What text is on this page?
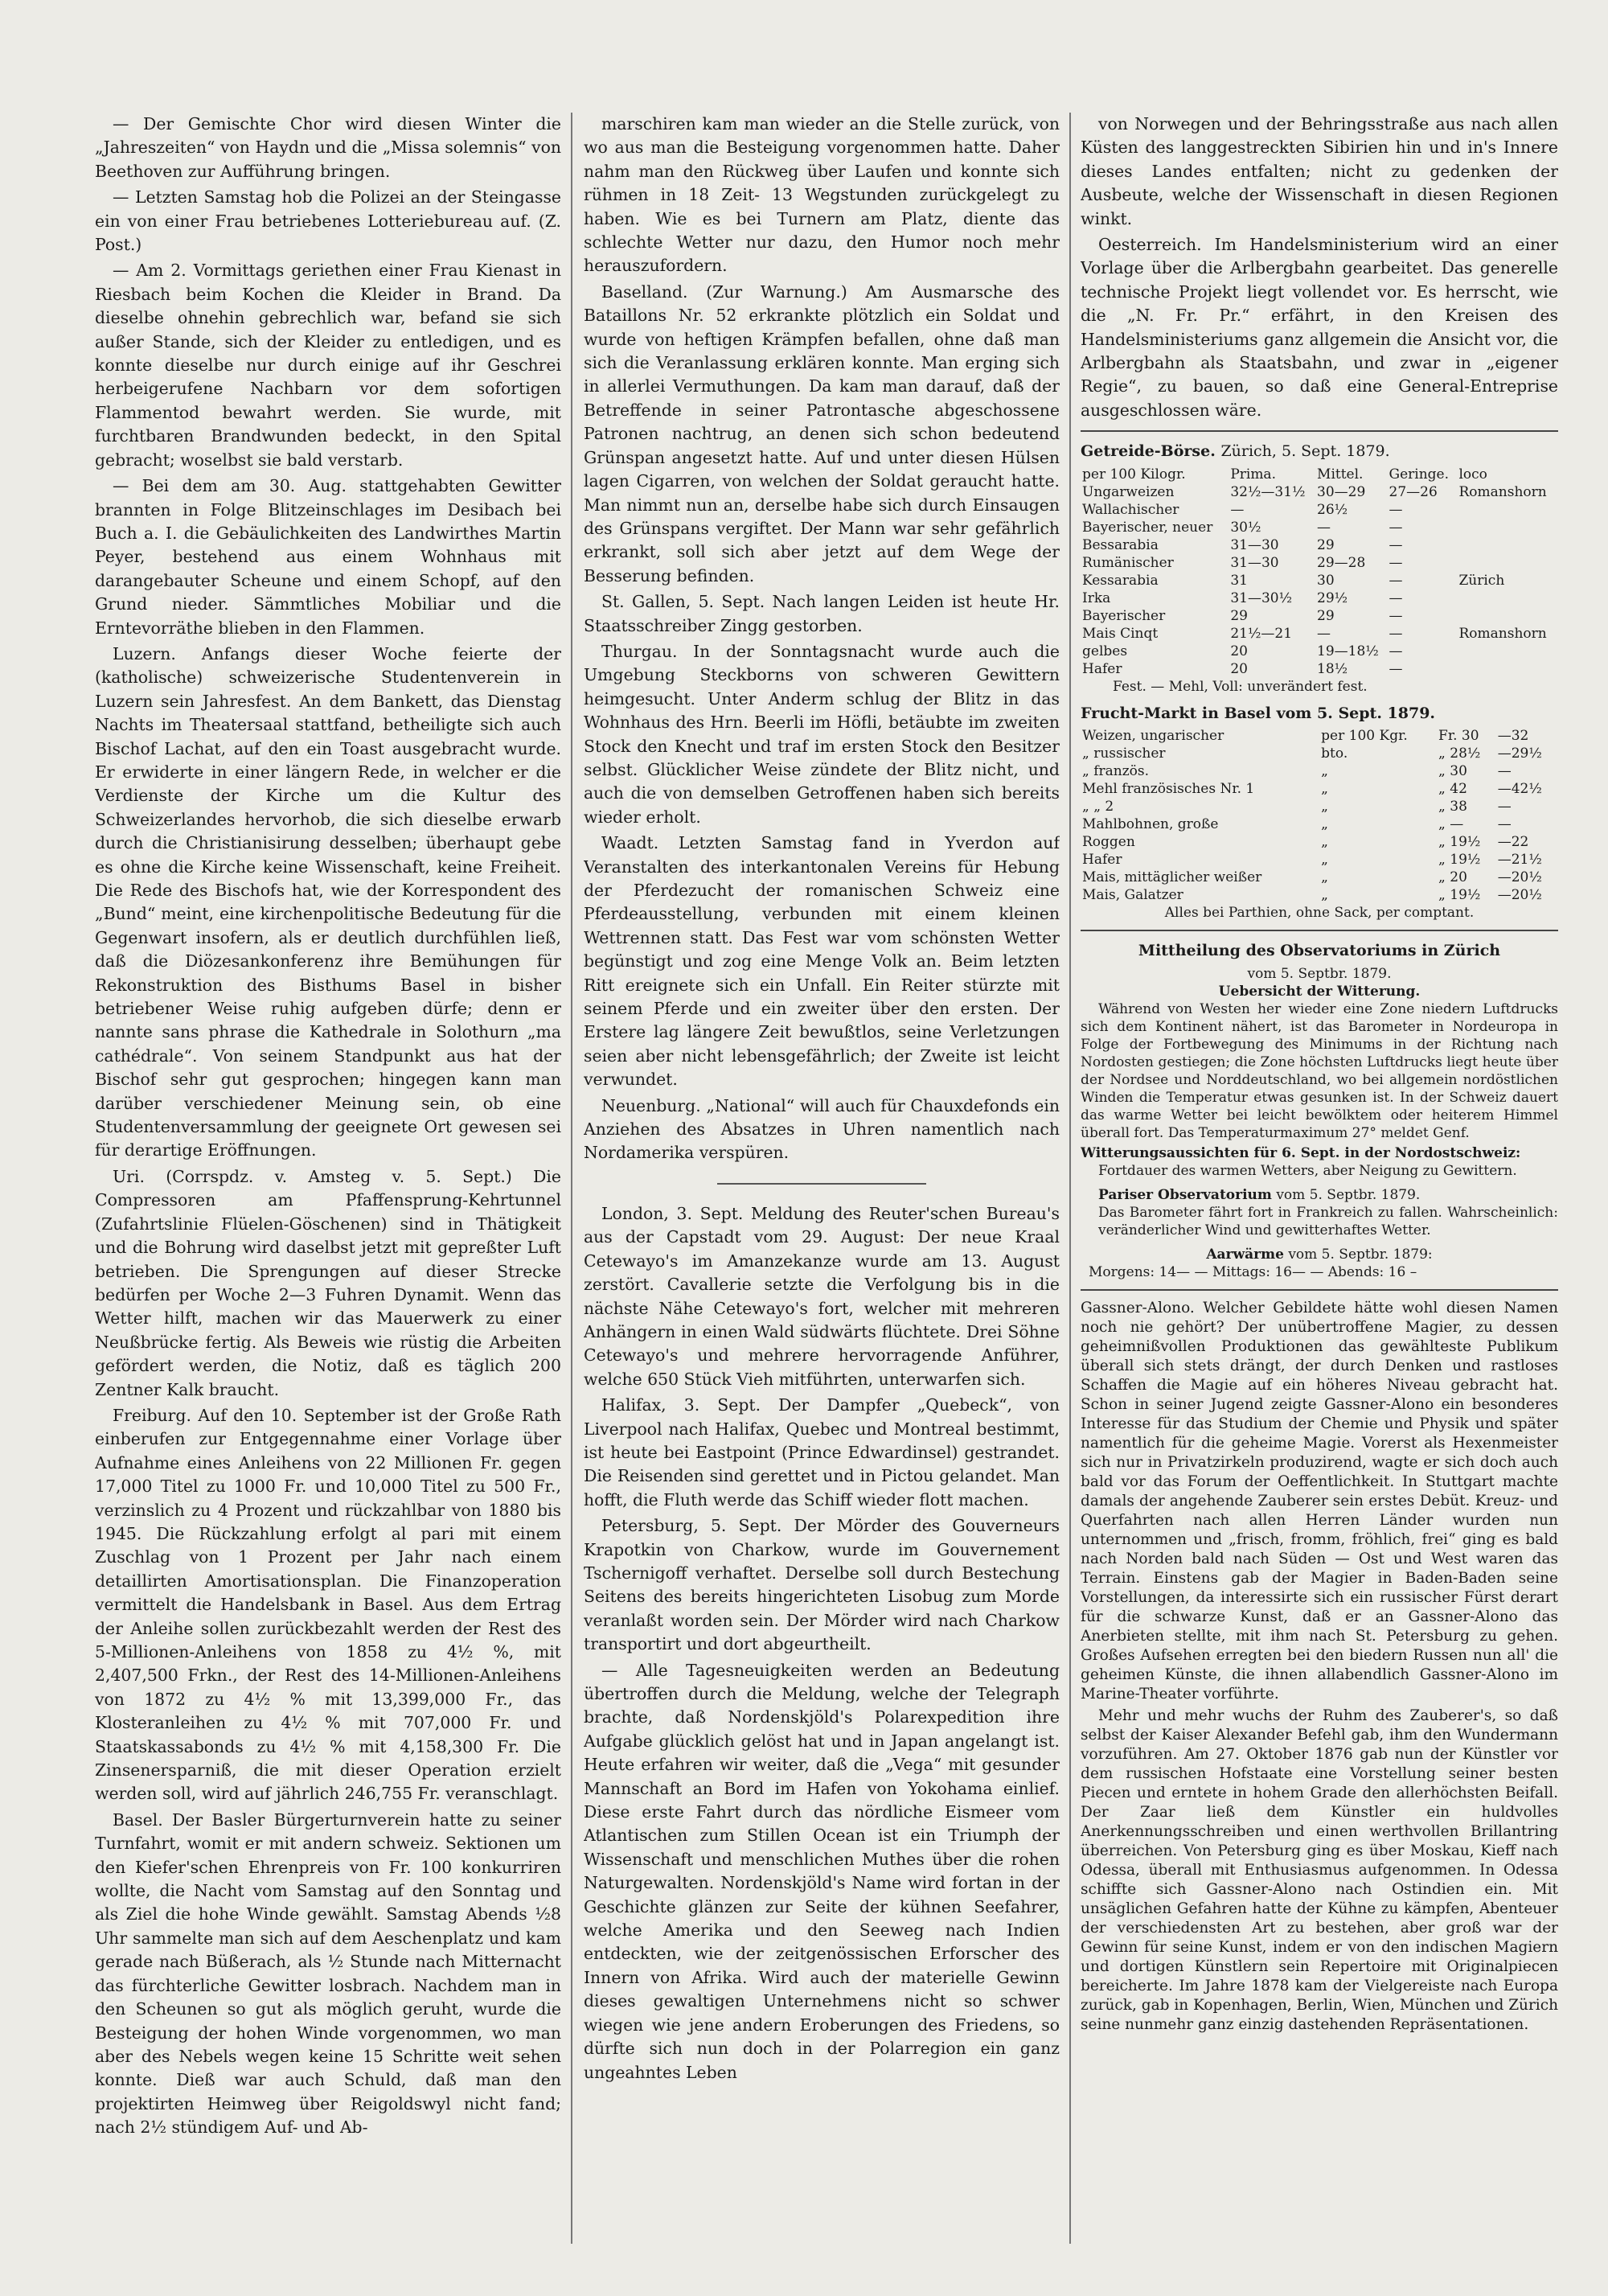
— Der Gemischte Chor wird diesen Winter die „Jahreszeiten“ von Haydn und die „Missa solemnis“ von Beethoven zur Aufführung bringen.

— Letzten Samstag hob die Polizei an der Steingasse ein von einer Frau betriebenes Lotteriebureau auf. (Z. Post.)

— Am 2. Vormittags geriethen einer Frau Kienast in Riesbach beim Kochen die Kleider in Brand. Da dieselbe ohnehin gebrechlich war, befand sie sich außer Stande, sich der Kleider zu entledigen, und es konnte dieselbe nur durch einige auf ihr Geschrei herbeigerufene Nachbarn vor dem sofortigen Flammentod bewahrt werden. Sie wurde, mit furchtbaren Brandwunden bedeckt, in den Spital gebracht; woselbst sie bald verstarb.

— Bei dem am 30. Aug. stattgehabten Gewitter brannten in Folge Blitzeinschlages im Desibach bei Buch a. I. die Gebäulichkeiten des Landwirthes Martin Peyer, bestehend aus einem Wohnhaus mit darangebauter Scheune und einem Schopf, auf den Grund nieder. Sämmtliches Mobiliar und die Erntevorräthe blieben in den Flammen.

Luzern. Anfangs dieser Woche feierte der (katholische) schweizerische Studentenverein in Luzern sein Jahresfest. An dem Bankett, das Dienstag Nachts im Theatersaal stattfand, betheiligte sich auch Bischof Lachat, auf den ein Toast ausgebracht wurde. Er erwiderte in einer längern Rede, in welcher er die Verdienste der Kirche um die Kultur des Schweizerlandes hervorhob, die sich dieselbe erwarb durch die Christianisirung desselben; überhaupt gebe es ohne die Kirche keine Wissenschaft, keine Freiheit. Die Rede des Bischofs hat, wie der Korrespondent des „Bund“ meint, eine kirchenpolitische Bedeutung für die Gegenwart insofern, als er deutlich durchfühlen ließ, daß die Diözesankonferenz ihre Bemühungen für Rekonstruktion des Bisthums Basel in bisher betriebener Weise ruhig aufgeben dürfe; denn er nannte sans phrase die Kathedrale in Solothurn „ma cathédrale“. Von seinem Standpunkt aus hat der Bischof sehr gut gesprochen; hingegen kann man darüber verschiedener Meinung sein, ob eine Studentenversammlung der geeignete Ort gewesen sei für derartige Eröffnungen.

Uri. (Corrspdz. v. Amsteg v. 5. Sept.) Die Compressoren am Pfaffensprung-Kehrtunnel (Zufahrtslinie Flüelen-Göschenen) sind in Thätigkeit und die Bohrung wird daselbst jetzt mit gepreßter Luft betrieben. Die Sprengungen auf dieser Strecke bedürfen per Woche 2—3 Fuhren Dynamit. Wenn das Wetter hilft, machen wir das Mauerwerk zu einer Neußbrücke fertig. Als Beweis wie rüstig die Arbeiten gefördert werden, die Notiz, daß es täglich 200 Zentner Kalk braucht.

Freiburg. Auf den 10. September ist der Große Rath einberufen zur Entgegennahme einer Vorlage über Aufnahme eines Anleihens von 22 Millionen Fr. gegen 17,000 Titel zu 1000 Fr. und 10,000 Titel zu 500 Fr., verzinslich zu 4 Prozent und rückzahlbar von 1880 bis 1945. Die Rückzahlung erfolgt al pari mit einem Zuschlag von 1 Prozent per Jahr nach einem detaillirten Amortisationsplan. Die Finanzoperation vermittelt die Handelsbank in Basel. Aus dem Ertrag der Anleihe sollen zurückbezahlt werden der Rest des 5-Millionen-Anleihens von 1858 zu 4½ %, mit 2,407,500 Frkn., der Rest des 14-Millionen-Anleihens von 1872 zu 4½ % mit 13,399,000 Fr., das Klosteranleihen zu 4½ % mit 707,000 Fr. und Staatskassabonds zu 4½ % mit 4,158,300 Fr. Die Zinsenersparniß, die mit dieser Operation erzielt werden soll, wird auf jährlich 246,755 Fr. veranschlagt.

Basel. Der Basler Bürgerturnverein hatte zu seiner Turnfahrt, womit er mit andern schweiz. Sektionen um den Kiefer'schen Ehrenpreis von Fr. 100 konkurriren wollte, die Nacht vom Samstag auf den Sonntag und als Ziel die hohe Winde gewählt. Samstag Abends ½8 Uhr sammelte man sich auf dem Aeschenplatz und kam gerade nach Büßerach, als ½ Stunde nach Mitternacht das fürchterliche Gewitter losbrach. Nachdem man in den Scheunen so gut als möglich geruht, wurde die Besteigung der hohen Winde vorgenommen, wo man aber des Nebels wegen keine 15 Schritte weit sehen konnte. Dieß war auch Schuld, daß man den projektirten Heimweg über Reigoldswyl nicht fand; nach 2½ stündigem Auf- und Ab-

marschiren kam man wieder an die Stelle zurück, von wo aus man die Besteigung vorgenommen hatte. Daher nahm man den Rückweg über Laufen und konnte sich rühmen in 18 Zeit- 13 Wegstunden zurückgelegt zu haben. Wie es bei Turnern am Platz, diente das schlechte Wetter nur dazu, den Humor noch mehr herauszufordern.

Baselland. (Zur Warnung.) Am Ausmarsche des Bataillons Nr. 52 erkrankte plötzlich ein Soldat und wurde von heftigen Krämpfen befallen, ohne daß man sich die Veranlassung erklären konnte. Man erging sich in allerlei Vermuthungen. Da kam man darauf, daß der Betreffende in seiner Patrontasche abgeschossene Patronen nachtrug, an denen sich schon bedeutend Grünspan angesetzt hatte. Auf und unter diesen Hülsen lagen Cigarren, von welchen der Soldat geraucht hatte. Man nimmt nun an, derselbe habe sich durch Einsaugen des Grünspans vergiftet. Der Mann war sehr gefährlich erkrankt, soll sich aber jetzt auf dem Wege der Besserung befinden.

St. Gallen, 5. Sept. Nach langen Leiden ist heute Hr. Staatsschreiber Zingg gestorben.

Thurgau. In der Sonntagsnacht wurde auch die Umgebung Steckborns von schweren Gewittern heimgesucht. Unter Anderm schlug der Blitz in das Wohnhaus des Hrn. Beerli im Höfli, betäubte im zweiten Stock den Knecht und traf im ersten Stock den Besitzer selbst. Glücklicher Weise zündete der Blitz nicht, und auch die von demselben Getroffenen haben sich bereits wieder erholt.

Waadt. Letzten Samstag fand in Yverdon auf Veranstalten des interkantonalen Vereins für Hebung der Pferdezucht der romanischen Schweiz eine Pferdeausstellung, verbunden mit einem kleinen Wettrennen statt. Das Fest war vom schönsten Wetter begünstigt und zog eine Menge Volk an. Beim letzten Ritt ereignete sich ein Unfall. Ein Reiter stürzte mit seinem Pferde und ein zweiter über den ersten. Der Erstere lag längere Zeit bewußtlos, seine Verletzungen seien aber nicht lebensgefährlich; der Zweite ist leicht verwundet.

Neuenburg. „National“ will auch für Chauxdefonds ein Anziehen des Absatzes in Uhren namentlich nach Nordamerika verspüren.

London, 3. Sept. Meldung des Reuter'schen Bureau's aus der Capstadt vom 29. August: Der neue Kraal Cetewayo's im Amanzekanze wurde am 13. August zerstört. Cavallerie setzte die Verfolgung bis in die nächste Nähe Cetewayo's fort, welcher mit mehreren Anhängern in einen Wald südwärts flüchtete. Drei Söhne Cetewayo's und mehrere hervorragende Anführer, welche 650 Stück Vieh mitführten, unterwarfen sich.

Halifax, 3. Sept. Der Dampfer „Quebeck“, von Liverpool nach Halifax, Quebec und Montreal bestimmt, ist heute bei Eastpoint (Prince Edwardinsel) gestrandet. Die Reisenden sind gerettet und in Pictou gelandet. Man hofft, die Fluth werde das Schiff wieder flott machen.

Petersburg, 5. Sept. Der Mörder des Gouverneurs Krapotkin von Charkow, wurde im Gouvernement Tschernigoff verhaftet. Derselbe soll durch Bestechung Seitens des bereits hingerichteten Lisobug zum Morde veranlaßt worden sein. Der Mörder wird nach Charkow transportirt und dort abgeurtheilt.

— Alle Tagesneuigkeiten werden an Bedeutung übertroffen durch die Meldung, welche der Telegraph brachte, daß Nordenskjöld's Polarexpedition ihre Aufgabe glücklich gelöst hat und in Japan angelangt ist. Heute erfahren wir weiter, daß die „Vega“ mit gesunder Mannschaft an Bord im Hafen von Yokohama einlief. Diese erste Fahrt durch das nördliche Eismeer vom Atlantischen zum Stillen Ocean ist ein Triumph der Wissenschaft und menschlichen Muthes über die rohen Naturgewalten. Nordenskjöld's Name wird fortan in der Geschichte glänzen zur Seite der kühnen Seefahrer, welche Amerika und den Seeweg nach Indien entdeckten, wie der zeitgenössischen Erforscher des Innern von Afrika. Wird auch der materielle Gewinn dieses gewaltigen Unternehmens nicht so schwer wiegen wie jene andern Eroberungen des Friedens, so dürfte sich nun doch in der Polarregion ein ganz ungeahntes Leben

von Norwegen und der Behringsstraße aus nach allen Küsten des langgestreckten Sibirien hin und in's Innere dieses Landes entfalten; nicht zu gedenken der Ausbeute, welche der Wissenschaft in diesen Regionen winkt.

Oesterreich. Im Handelsministerium wird an einer Vorlage über die Arlbergbahn gearbeitet. Das generelle technische Projekt liegt vollendet vor. Es herrscht, wie die „N. Fr. Pr.“ erfährt, in den Kreisen des Handelsministeriums ganz allgemein die Ansicht vor, die Arlbergbahn als Staatsbahn, und zwar in „eigener Regie“, zu bauen, so daß eine General-Entreprise ausgeschlossen wäre.

Getreide-Börse. Zürich, 5. Sept. 1879.
per 100 Kilogr.	Prima.	Mittel.	Geringe.	loco
Ungarweizen	32½—31½	30—29	27—26	Romanshorn
Wallachischer	—	26½	—	
Bayerischer, neuer	30½	—	—	
Bessarabia	31—30	29	—	
Rumänischer	31—30	29—28	—	
Kessarabia	31	30	—	Zürich
Irka	31—30½	29½	—	
Bayerischer	29	29	—	
Mais Cinqt	21½—21	—	—	Romanshorn
gelbes	20	19—18½	—	
Hafer	20	18½	—	
Fest. — Mehl, Voll: unverändert fest.
Frucht-Markt in Basel vom 5. Sept. 1879.
Weizen, ungarischer	per 100 Kgr.	Fr. 30	—32
„ russischer	bto.	„ 28½	—29½
„ französ.	„	„ 30	—
Mehl französisches Nr. 1	„	„ 42	—42½
„ „ 2	„	„ 38	—
Mahlbohnen, große	„	„ —	—
Roggen	„	„ 19½	—22
Hafer	„	„ 19½	—21½
Mais, mittäglicher weißer	„	„ 20	—20½
Mais, Galatzer	„	„ 19½	—20½
Alles bei Parthien, ohne Sack, per comptant.
Mittheilung des Observatoriums in Zürich
vom 5. Septbr. 1879.
Uebersicht der Witterung.

Während von Westen her wieder eine Zone niedern Luftdrucks sich dem Kontinent nähert, ist das Barometer in Nordeuropa in Folge der Fortbewegung des Minimums in der Richtung nach Nordosten gestiegen; die Zone höchsten Luftdrucks liegt heute über der Nordsee und Norddeutschland, wo bei allgemein nordöstlichen Winden die Temperatur etwas gesunken ist. In der Schweiz dauert das warme Wetter bei leicht bewölktem oder heiterem Himmel überall fort. Das Temperaturmaximum 27° meldet Genf.

Witterungsaussichten für 6. Sept. in der Nordostschweiz:
Fortdauer des warmen Wetters, aber Neigung zu Gewittern.
Pariser Observatorium vom 5. Septbr. 1879.
Das Barometer fährt fort in Frankreich zu fallen. Wahrscheinlich: veränderlicher Wind und gewitterhaftes Wetter.
Aarwärme vom 5. Septbr. 1879:
Morgens: 14— — Mittags: 16— — Abends: 16 –

Gassner-Alono. Welcher Gebildete hätte wohl diesen Namen noch nie gehört? Der unübertroffene Magier, zu dessen geheimnißvollen Produktionen das gewählteste Publikum überall sich stets drängt, der durch Denken und rastloses Schaffen die Magie auf ein höheres Niveau gebracht hat. Schon in seiner Jugend zeigte Gassner-Alono ein besonderes Interesse für das Studium der Chemie und Physik und später namentlich für die geheime Magie. Vorerst als Hexenmeister sich nur in Privatzirkeln produzirend, wagte er sich doch auch bald vor das Forum der Oeffentlichkeit. In Stuttgart machte damals der angehende Zauberer sein erstes Debüt. Kreuz- und Querfahrten nach allen Herren Länder wurden nun unternommen und „frisch, fromm, fröhlich, frei“ ging es bald nach Norden bald nach Süden — Ost und West waren das Terrain. Einstens gab der Magier in Baden-Baden seine Vorstellungen, da interessirte sich ein russischer Fürst derart für die schwarze Kunst, daß er an Gassner-Alono das Anerbieten stellte, mit ihm nach St. Petersburg zu gehen. Großes Aufsehen erregten bei den biedern Russen nun all' die geheimen Künste, die ihnen allabendlich Gassner-Alono im Marine-Theater vorführte.

Mehr und mehr wuchs der Ruhm des Zauberer's, so daß selbst der Kaiser Alexander Befehl gab, ihm den Wundermann vorzuführen. Am 27. Oktober 1876 gab nun der Künstler vor dem russischen Hofstaate eine Vorstellung seiner besten Piecen und erntete in hohem Grade den allerhöchsten Beifall. Der Zaar ließ dem Künstler ein huldvolles Anerkennungsschreiben und einen werthvollen Brillantring überreichen. Von Petersburg ging es über Moskau, Kieff nach Odessa, überall mit Enthusiasmus aufgenommen. In Odessa schiffte sich Gassner-Alono nach Ostindien ein. Mit unsäglichen Gefahren hatte der Kühne zu kämpfen, Abenteuer der verschiedensten Art zu bestehen, aber groß war der Gewinn für seine Kunst, indem er von den indischen Magiern und dortigen Künstlern sein Repertoire mit Originalpiecen bereicherte. Im Jahre 1878 kam der Vielgereiste nach Europa zurück, gab in Kopenhagen, Berlin, Wien, München und Zürich seine nunmehr ganz einzig dastehenden Repräsentationen.
